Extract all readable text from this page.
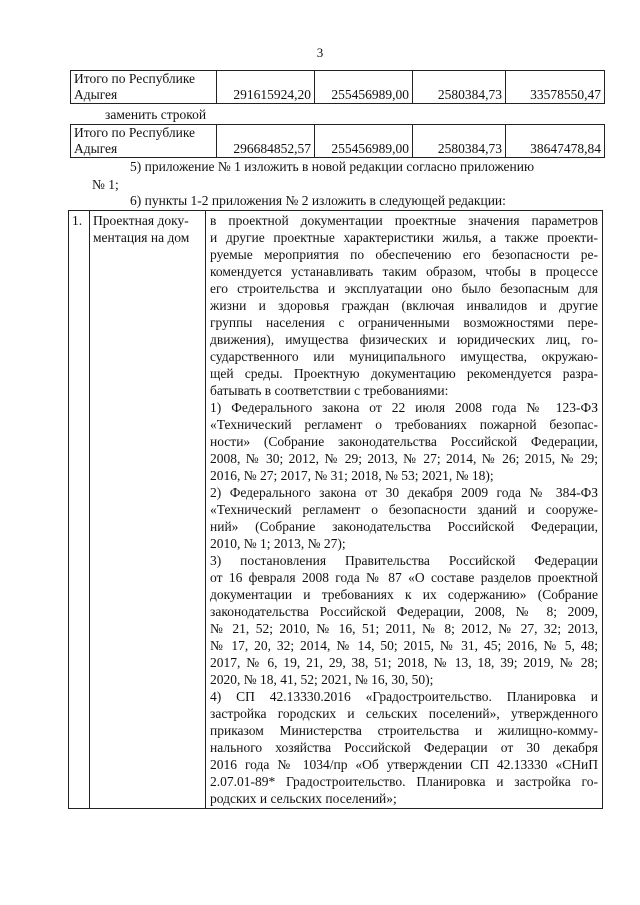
3
Итого по Республике
Адыгея	291615924,20	255456989,00	2580384,73	33578550,47
заменить строкой
Итого по Республике
Адыгея	296684852,57	255456989,00	2580384,73	38647478,84
5) приложение № 1 изложить в новой редакции согласно приложению
№ 1;
6) пункты 1-2 приложения № 2 изложить в следующей редакции:
1.	Проектная доку-
ментация на дом

в проектной документации проектные значения параметров
и другие проектные характеристики жилья, а также проекти-
руемые мероприятия по обеспечению его безопасности ре-
комендуется устанавливать таким образом, чтобы в процессе
его строительства и эксплуатации оно было безопасным для
жизни и здоровья граждан (включая инвалидов и другие
группы населения с ограниченными возможностями пере-
движения), имущества физических и юридических лиц, го-
сударственного или муниципального имущества, окружаю-
щей среды. Проектную документацию рекомендуется разра-
батывать в соответствии с требованиями:
1) Федерального закона от 22 июля 2008 года № 123-ФЗ
«Технический регламент о требованиях пожарной безопас-
ности» (Собрание законодательства Российской Федерации,
2008, № 30; 2012, № 29; 2013, № 27; 2014, № 26; 2015, № 29;
2016, № 27; 2017, № 31; 2018, № 53; 2021, № 18);
2) Федерального закона от 30 декабря 2009 года № 384-ФЗ
«Технический регламент о безопасности зданий и сооруже-
ний» (Собрание законодательства Российской Федерации,
2010, № 1; 2013, № 27);
3) постановления Правительства Российской Федерации
от 16 февраля 2008 года № 87 «О составе разделов проектной
документации и требованиях к их содержанию» (Собрание
законодательства Российской Федерации, 2008, № 8; 2009,
№ 21, 52; 2010, № 16, 51; 2011, № 8; 2012, № 27, 32; 2013,
№ 17, 20, 32; 2014, № 14, 50; 2015, № 31, 45; 2016, № 5, 48;
2017, № 6, 19, 21, 29, 38, 51; 2018, № 13, 18, 39; 2019, № 28;
2020, № 18, 41, 52; 2021, № 16, 30, 50);
4) СП 42.13330.2016 «Градостроительство. Планировка и
застройка городских и сельских поселений», утвержденного
приказом Министерства строительства и жилищно-комму-
нального хозяйства Российской Федерации от 30 декабря
2016 года № 1034/пр «Об утверждении СП 42.13330 «СНиП
2.07.01-89* Градостроительство. Планировка и застройка го-
родских и сельских поселений»;
